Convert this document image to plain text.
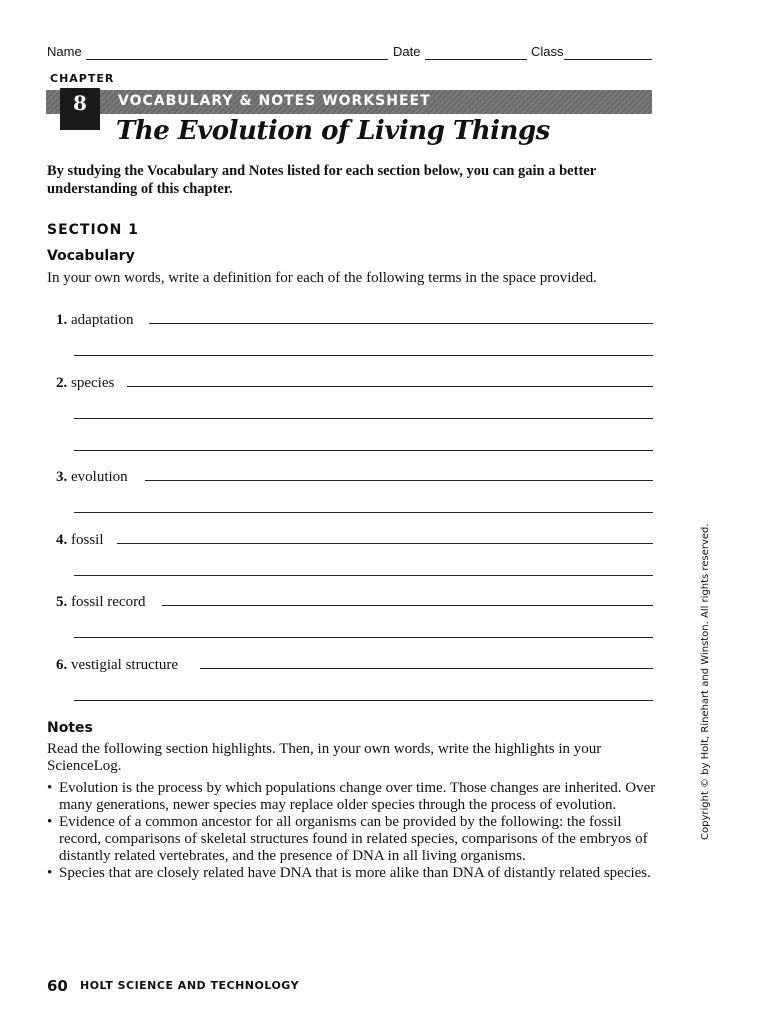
Name	Date	Class
CHAPTER
VOCABULARY & NOTES WORKSHEET
8
The Evolution of Living Things
By studying the Vocabulary and Notes listed for each section below, you can gain a better understanding of this chapter.
SECTION 1
Vocabulary
In your own words, write a definition for each of the following terms in the space provided.
1. adaptation
2. species
3. evolution
4. fossil
5. fossil record
6. vestigial structure
Notes
Read the following section highlights. Then, in your own words, write the highlights in your ScienceLog.
• Evolution is the process by which populations change over time. Those changes are inherited. Over many generations, newer species may replace older species through the process of evolution.
• Evidence of a common ancestor for all organisms can be provided by the following: the fossil record, comparisons of skeletal structures found in related species, comparisons of the embryos of distantly related vertebrates, and the presence of DNA in all living organisms.
• Species that are closely related have DNA that is more alike than DNA of distantly related species.
Copyright © by Holt, Rinehart and Winston. All rights reserved.
60 HOLT SCIENCE AND TECHNOLOGY
